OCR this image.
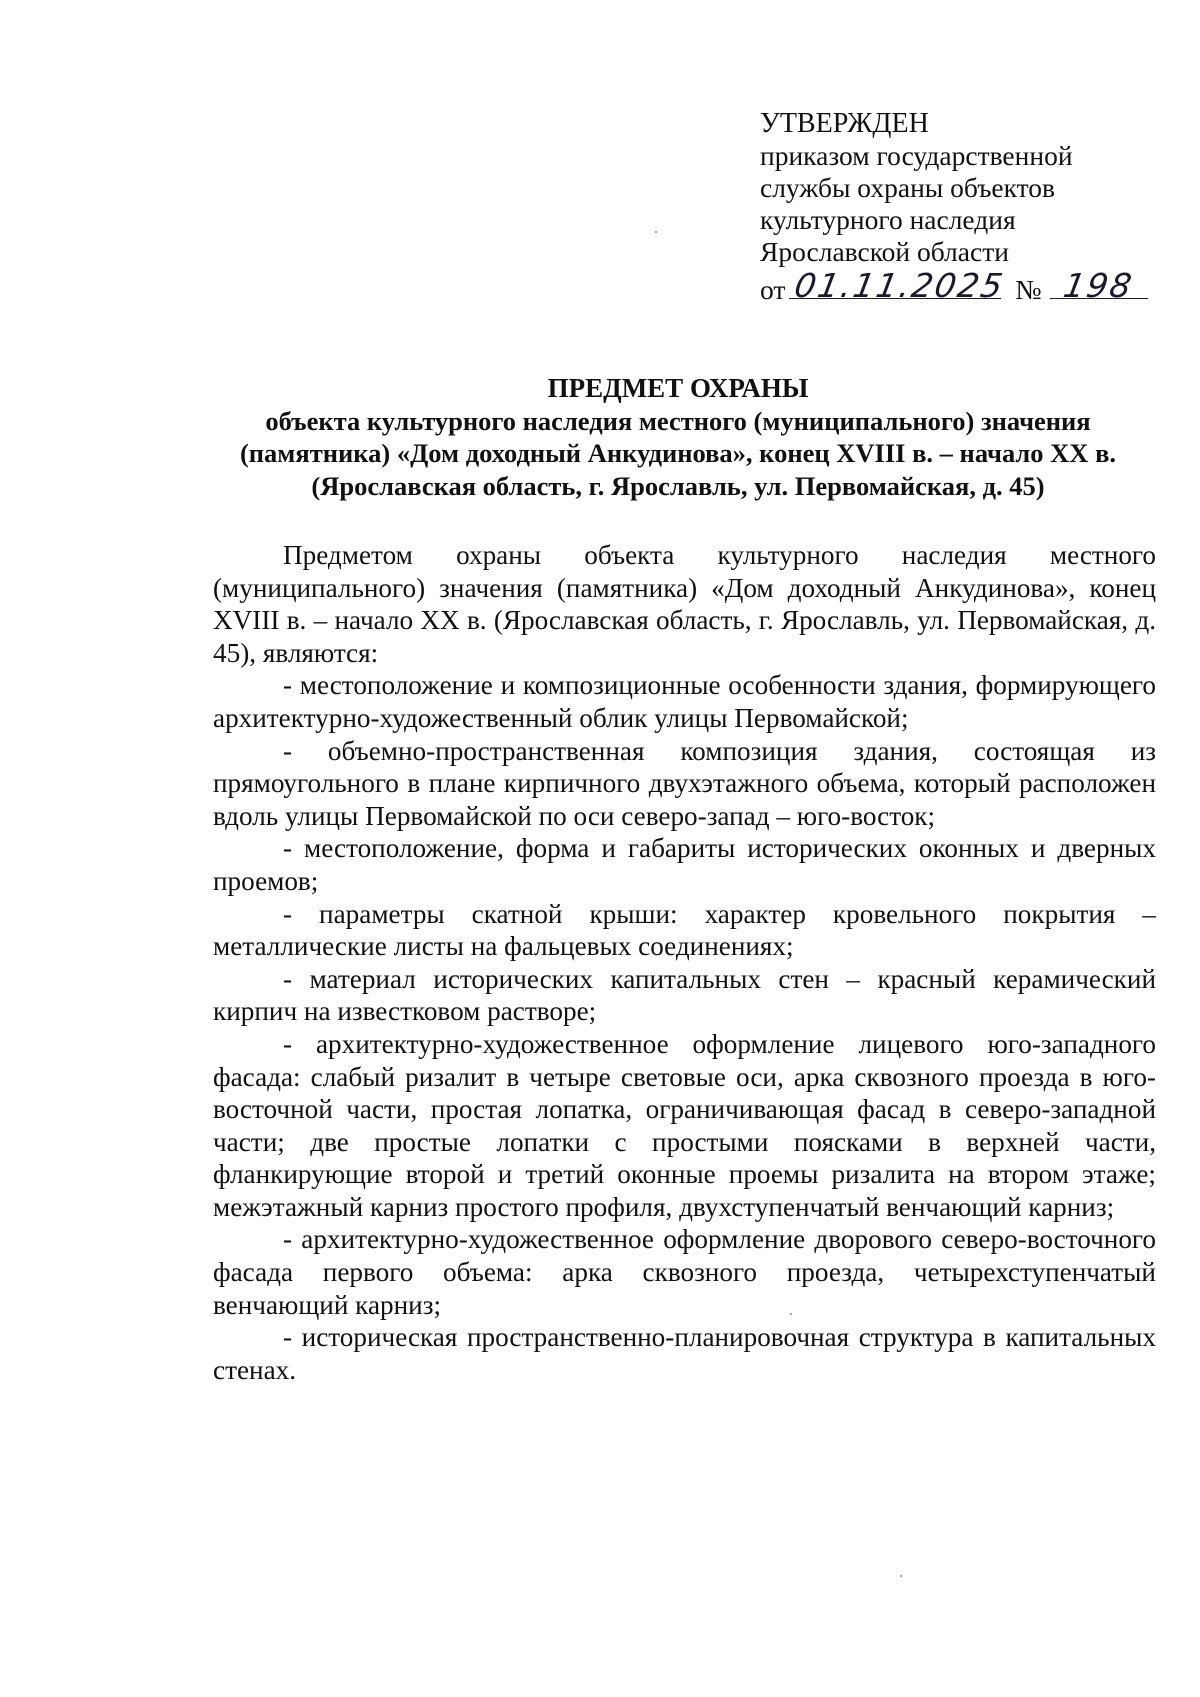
УТВЕРЖДЕН
приказом государственной
службы охраны объектов
культурного наследия
Ярославской области
от 01.11.2025 № 198
ПРЕДМЕТ ОХРАНЫ
объекта культурного наследия местного (муниципального) значения
(памятника) «Дом доходный Анкудинова», конец XVIII в. – начало XX в.
(Ярославская область, г. Ярославль, ул. Первомайская, д. 45)

Предметом охраны объекта культурного наследия местного (муниципального) значения (памятника) «Дом доходный Анкудинова», конец XVIII в. – начало XX в. (Ярославская область, г. Ярославль, ул. Первомайская, д. 45), являются:

- местоположение и композиционные особенности здания, формирующего архитектурно-художественный облик улицы Первомайской;

- объемно-пространственная композиция здания, состоящая из прямоугольного в плане кирпичного двухэтажного объема, который расположен вдоль улицы Первомайской по оси северо-запад – юго-восток;

- местоположение, форма и габариты исторических оконных и дверных проемов;

- параметры скатной крыши: характер кровельного покрытия – металлические листы на фальцевых соединениях;

- материал исторических капитальных стен – красный керамический кирпич на известковом растворе;

- архитектурно-художественное оформление лицевого юго-западного фасада: слабый ризалит в четыре световые оси, арка сквозного проезда в юго-восточной части, простая лопатка, ограничивающая фасад в северо-западной части; две простые лопатки с простыми поясками в верхней части, фланкирующие второй и третий оконные проемы ризалита на втором этаже; межэтажный карниз простого профиля, двухступенчатый венчающий карниз;

- архитектурно-художественное оформление дворового северо-восточного фасада первого объема: арка сквозного проезда, четырехступенчатый венчающий карниз;

- историческая пространственно-планировочная структура в капитальных стенах.
